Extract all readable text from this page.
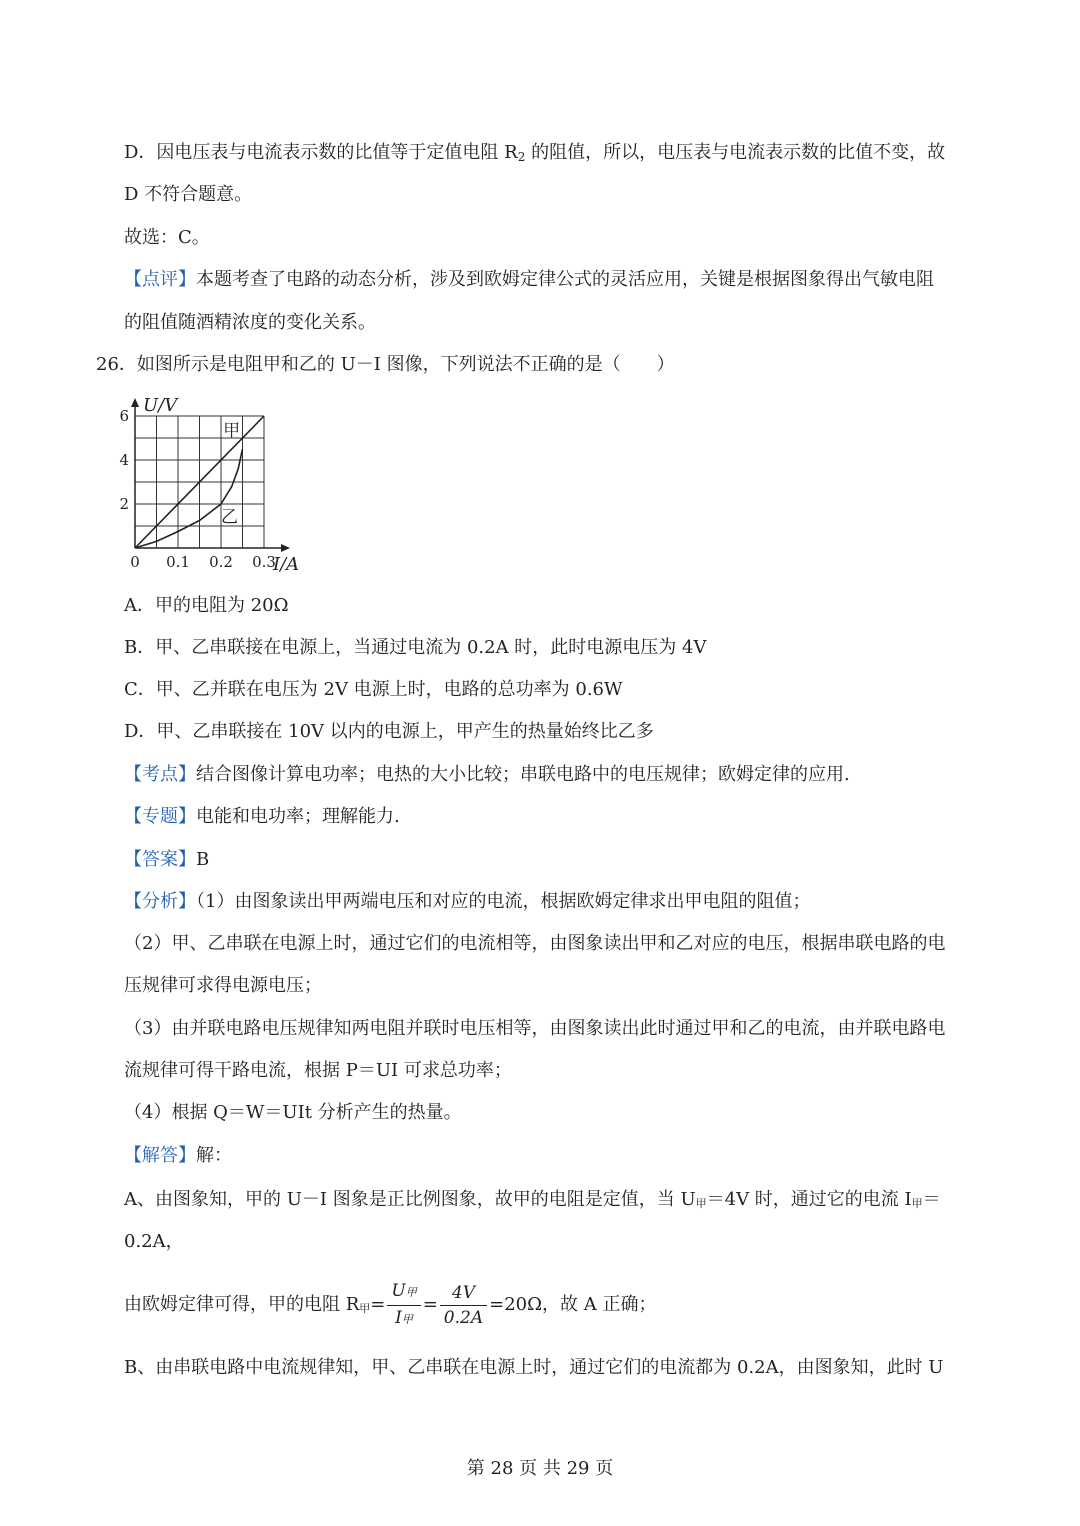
D．因电压表与电流表示数的比值等于定值电阻 $R_2$ 的阻值，所以，电压表与电流表示数的比值不变，故
D 不符合题意。
故选：C。
【点评】本题考查了电路的动态分析，涉及到欧姆定律公式的灵活应用，关键是根据图象得出气敏电阻
的阻值随酒精浓度的变化关系。
26．如图所示是电阻甲和乙的 U－I 图像，下列说法不正确的是（　　）
甲
乙
2
4
6
0 0.1 0.2 0.3
U/V
I/A
A．甲的电阻为 20Ω
B．甲、乙串联接在电源上，当通过电流为 0.2A 时，此时电源电压为 4V
C．甲、乙并联在电压为 2V 电源上时，电路的总功率为 0.6W
D．甲、乙串联接在 10V 以内的电源上，甲产生的热量始终比乙多
【考点】结合图像计算电功率；电热的大小比较；串联电路中的电压规律；欧姆定律的应用.
【专题】电能和电功率；理解能力.
【答案】B
【分析】（1）由图象读出甲两端电压和对应的电流，根据欧姆定律求出甲电阻的阻值；
（2）甲、乙串联在电源上时，通过它们的电流相等，由图象读出甲和乙对应的电压，根据串联电路的电
压规律可求得电源电压；
（3）由并联电路电压规律知两电阻并联时电压相等，由图象读出此时通过甲和乙的电流，由并联电路电
流规律可得干路电流，根据 P＝UI 可求总功率；
（4）根据 Q＝W＝UIt 分析产生的热量。
【解答】解：
A、由图象知，甲的 U－I 图象是正比例图象，故甲的电阻是定值，当 U甲＝4V 时，通过它的电流 I甲＝
0.2A，
由欧姆定律可得，甲的电阻 R甲= $\frac{\text{U甲}}{\text{I甲}} = \frac{4V}{0.2A} =20\Omega$，故 A 正确；
B、由串联电路中电流规律知，甲、乙串联在电源上时，通过它们的电流都为 0.2A，由图象知，此时 U
第 28 页 共 29 页
